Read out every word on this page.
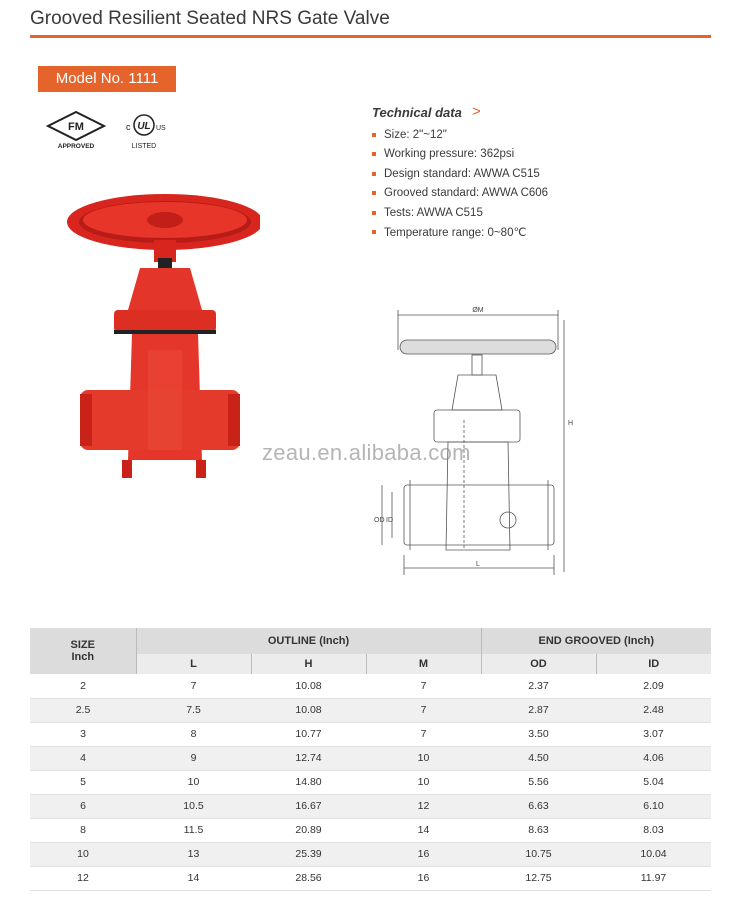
Grooved Resilient Seated NRS Gate Valve
Model No. 1111
FM
APPROVED
c UL US
LISTED
Technical data >
Size: 2"~12"
Working pressure: 362psi
Design standard: AWWA C515
Grooved standard: AWWA C606
Tests: AWWA C515
Temperature range: 0~80℃
ØM
H
OD ID
L
zeau.en.alibaba.com
SIZE
Inch	OUTLINE (Inch)			END GROOVED (Inch)	
	L	H	M	OD	ID
2	7	10.08	7	2.37	2.09
2.5	7.5	10.08	7	2.87	2.48
3	8	10.77	7	3.50	3.07
4	9	12.74	10	4.50	4.06
5	10	14.80	10	5.56	5.04
6	10.5	16.67	12	6.63	6.10
8	11.5	20.89	14	8.63	8.03
10	13	25.39	16	10.75	10.04
12	14	28.56	16	12.75	11.97
